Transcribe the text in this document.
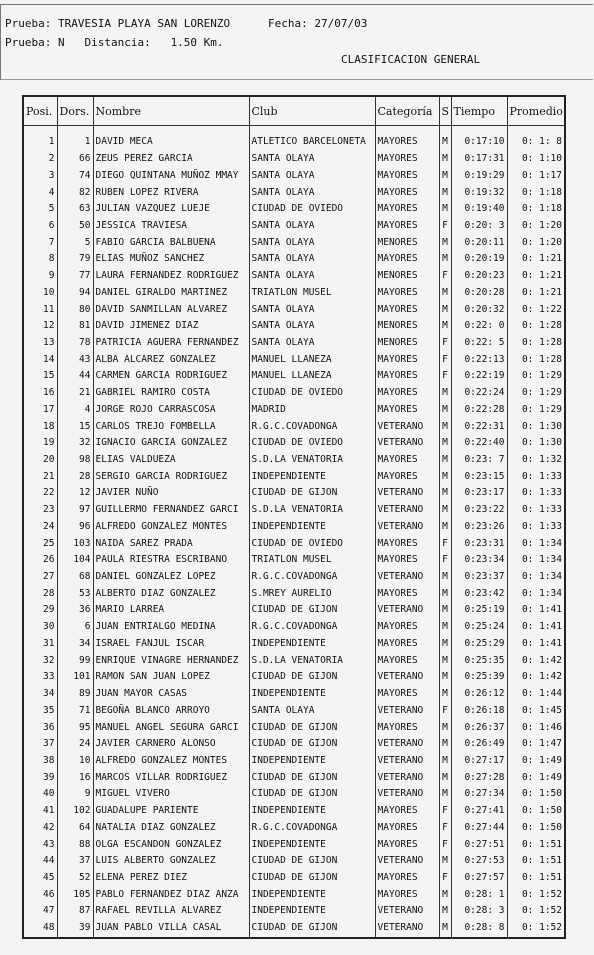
Prueba: TRAVESIA PLAYA SAN LORENZO	Fecha: 27/07/03
Prueba: N   Distancia:   1.50 Km.
CLASIFICACION GENERAL
Posi.	Dors.	Nombre	Club	Categoría	S	Tiempo	Promedio
1	1	DAVID MECA	ATLETICO BARCELONETA	MAYORES	M	0:17:10	0: 1: 8
2	66	ZEUS PEREZ GARCIA	SANTA OLAYA	MAYORES	M	0:17:31	0: 1:10
3	74	DIEGO QUINTANA MUÑOZ MMAY	SANTA OLAYA	MAYORES	M	0:19:29	0: 1:17
4	82	RUBEN LOPEZ RIVERA	SANTA OLAYA	MAYORES	M	0:19:32	0: 1:18
5	63	JULIAN VAZQUEZ LUEJE	CIUDAD DE OVIEDO	MAYORES	M	0:19:40	0: 1:18
6	50	JESSICA TRAVIESA	SANTA OLAYA	MAYORES	F	0:20: 3	0: 1:20
7	5	FABIO GARCIA BALBUENA	SANTA OLAYA	MENORES	M	0:20:11	0: 1:20
8	79	ELIAS MUÑOZ SANCHEZ	SANTA OLAYA	MAYORES	M	0:20:19	0: 1:21
9	77	LAURA FERNANDEZ RODRIGUEZ	SANTA OLAYA	MENORES	F	0:20:23	0: 1:21
10	94	DANIEL GIRALDO MARTINEZ	TRIATLON MUSEL	MAYORES	M	0:20:28	0: 1:21
11	80	DAVID SANMILLAN ALVAREZ	SANTA OLAYA	MAYORES	M	0:20:32	0: 1:22
12	81	DAVID JIMENEZ DIAZ	SANTA OLAYA	MENORES	M	0:22: 0	0: 1:28
13	78	PATRICIA AGUERA FERNANDEZ	SANTA OLAYA	MENORES	F	0:22: 5	0: 1:28
14	43	ALBA ALCAREZ GONZALEZ	MANUEL LLANEZA	MAYORES	F	0:22:13	0: 1:28
15	44	CARMEN GARCIA RODRIGUEZ	MANUEL LLANEZA	MAYORES	F	0:22:19	0: 1:29
16	21	GABRIEL RAMIRO COSTA	CIUDAD DE OVIEDO	MAYORES	M	0:22:24	0: 1:29
17	4	JORGE ROJO CARRASCOSA	MADRID	MAYORES	M	0:22:28	0: 1:29
18	15	CARLOS TREJO FOMBELLA	R.G.C.COVADONGA	VETERANO	M	0:22:31	0: 1:30
19	32	IGNACIO GARCIA GONZALEZ	CIUDAD DE OVIEDO	VETERANO	M	0:22:40	0: 1:30
20	98	ELIAS VALDUEZA	S.D.LA VENATORIA	MAYORES	M	0:23: 7	0: 1:32
21	28	SERGIO GARCIA RODRIGUEZ	INDEPENDIENTE	MAYORES	M	0:23:15	0: 1:33
22	12	JAVIER NUÑO	CIUDAD DE GIJON	VETERANO	M	0:23:17	0: 1:33
23	97	GUILLERMO FERNANDEZ GARCI	S.D.LA VENATORIA	VETERANO	M	0:23:22	0: 1:33
24	96	ALFREDO GONZALEZ MONTES	INDEPENDIENTE	VETERANO	M	0:23:26	0: 1:33
25	103	NAIDA SAREZ PRADA	CIUDAD DE OVIEDO	MAYORES	F	0:23:31	0: 1:34
26	104	PAULA RIESTRA ESCRIBANO	TRIATLON MUSEL	MAYORES	F	0:23:34	0: 1:34
27	68	DANIEL GONZALEZ LOPEZ	R.G.C.COVADONGA	VETERANO	M	0:23:37	0: 1:34
28	53	ALBERTO DIAZ GONZALEZ	S.MREY AURELIO	MAYORES	M	0:23:42	0: 1:34
29	36	MARIO LARREA	CIUDAD DE GIJON	VETERANO	M	0:25:19	0: 1:41
30	6	JUAN ENTRIALGO MEDINA	R.G.C.COVADONGA	MAYORES	M	0:25:24	0: 1:41
31	34	ISRAEL FANJUL ISCAR	INDEPENDIENTE	MAYORES	M	0:25:29	0: 1:41
32	99	ENRIQUE VINAGRE HERNANDEZ	S.D.LA VENATORIA	MAYORES	M	0:25:35	0: 1:42
33	101	RAMON SAN JUAN LOPEZ	CIUDAD DE GIJON	VETERANO	M	0:25:39	0: 1:42
34	89	JUAN MAYOR CASAS	INDEPENDIENTE	MAYORES	M	0:26:12	0: 1:44
35	71	BEGOÑA BLANCO ARROYO	SANTA OLAYA	VETERANO	F	0:26:18	0: 1:45
36	95	MANUEL ANGEL SEGURA GARCI	CIUDAD DE GIJON	MAYORES	M	0:26:37	0: 1:46
37	24	JAVIER CARNERO ALONSO	CIUDAD DE GIJON	VETERANO	M	0:26:49	0: 1:47
38	10	ALFREDO GONZALEZ MONTES	INDEPENDIENTE	VETERANO	M	0:27:17	0: 1:49
39	16	MARCOS VILLAR RODRIGUEZ	CIUDAD DE GIJON	VETERANO	M	0:27:28	0: 1:49
40	9	MIGUEL VIVERO	CIUDAD DE GIJON	VETERANO	M	0:27:34	0: 1:50
41	102	GUADALUPE PARIENTE	INDEPENDIENTE	MAYORES	F	0:27:41	0: 1:50
42	64	NATALIA DIAZ GONZALEZ	R.G.C.COVADONGA	MAYORES	F	0:27:44	0: 1:50
43	88	OLGA ESCANDON GONZALEZ	INDEPENDIENTE	MAYORES	F	0:27:51	0: 1:51
44	37	LUIS ALBERTO GONZALEZ	CIUDAD DE GIJON	VETERANO	M	0:27:53	0: 1:51
45	52	ELENA PEREZ DIEZ	CIUDAD DE GIJON	MAYORES	F	0:27:57	0: 1:51
46	105	PABLO FERNANDEZ DIAZ ANZA	INDEPENDIENTE	MAYORES	M	0:28: 1	0: 1:52
47	87	RAFAEL REVILLA ALVAREZ	INDEPENDIENTE	VETERANO	M	0:28: 3	0: 1:52
48	39	JUAN PABLO VILLA CASAL	CIUDAD DE GIJON	VETERANO	M	0:28: 8	0: 1:52
